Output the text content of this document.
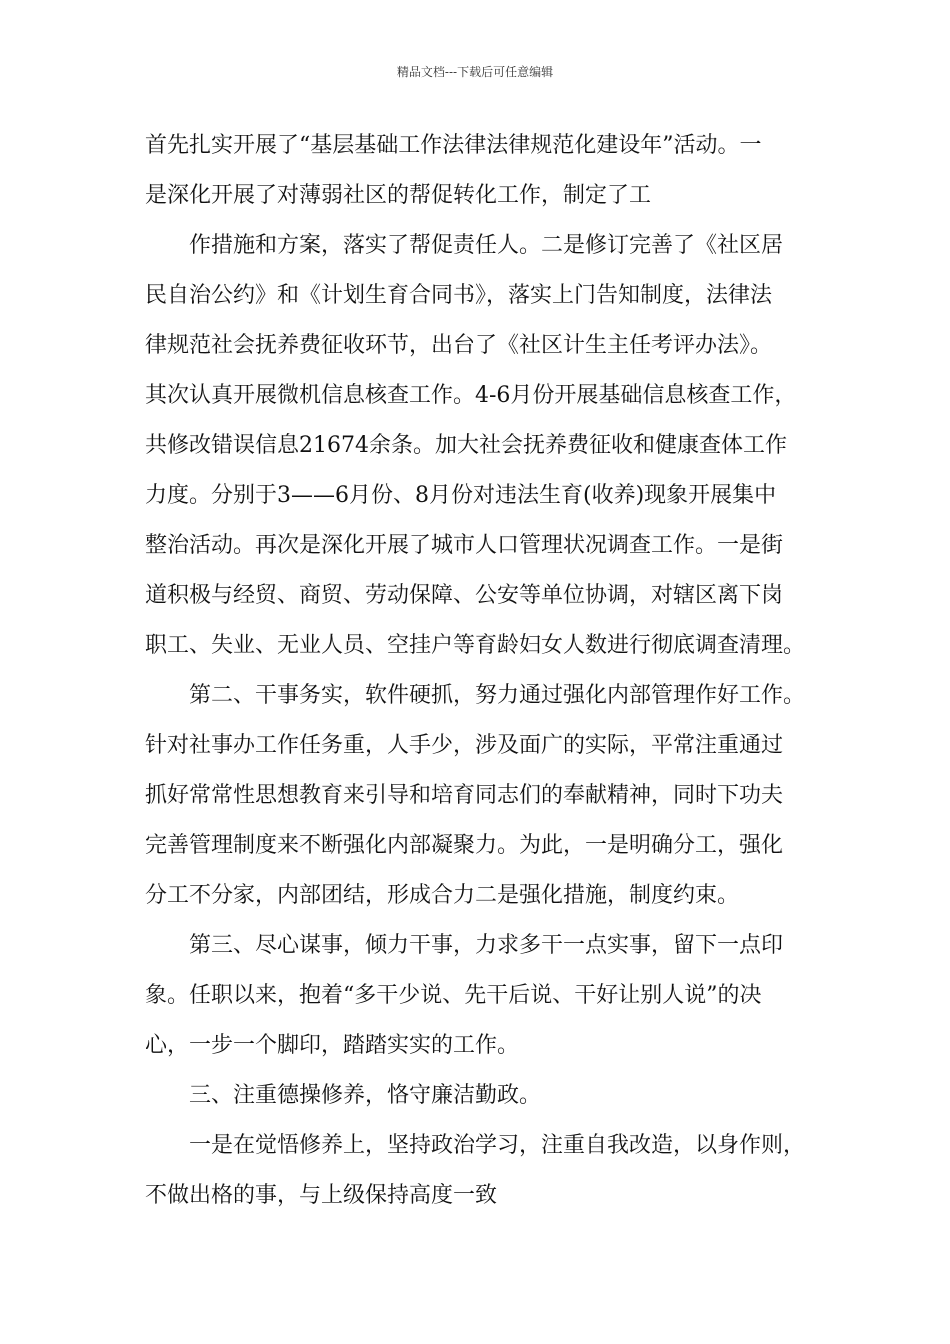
精品文档---下载后可任意编辑
首先扎实开展了“基层基础工作法律法律规范化建设年”活动。一
是深化开展了对薄弱社区的帮促转化工作，制定了工
作措施和方案，落实了帮促责任人。二是修订完善了《社区居
民自治公约》和《计划生育合同书》，落实上门告知制度，法律法
律规范社会抚养费征收环节，出台了《社区计生主任考评办法》。
其次认真开展微机信息核查工作。4-6月份开展基础信息核查工作，
共修改错误信息21674余条。加大社会抚养费征收和健康查体工作
力度。分别于3——6月份、8月份对违法生育(收养)现象开展集中
整治活动。再次是深化开展了城市人口管理状况调查工作。一是街
道积极与经贸、商贸、劳动保障、公安等单位协调，对辖区离下岗
职工、失业、无业人员、空挂户等育龄妇女人数进行彻底调查清理。
第二、干事务实，软件硬抓，努力通过强化内部管理作好工作。
针对社事办工作任务重，人手少，涉及面广的实际，平常注重通过
抓好常常性思想教育来引导和培育同志们的奉献精神，同时下功夫
完善管理制度来不断强化内部凝聚力。为此，一是明确分工，强化
分工不分家，内部团结，形成合力二是强化措施，制度约束。
第三、尽心谋事，倾力干事，力求多干一点实事，留下一点印
象。任职以来，抱着“多干少说、先干后说、干好让别人说”的决
心，一步一个脚印，踏踏实实的工作。
三、注重德操修养，恪守廉洁勤政。
一是在觉悟修养上，坚持政治学习，注重自我改造，以身作则，
不做出格的事，与上级保持高度一致
